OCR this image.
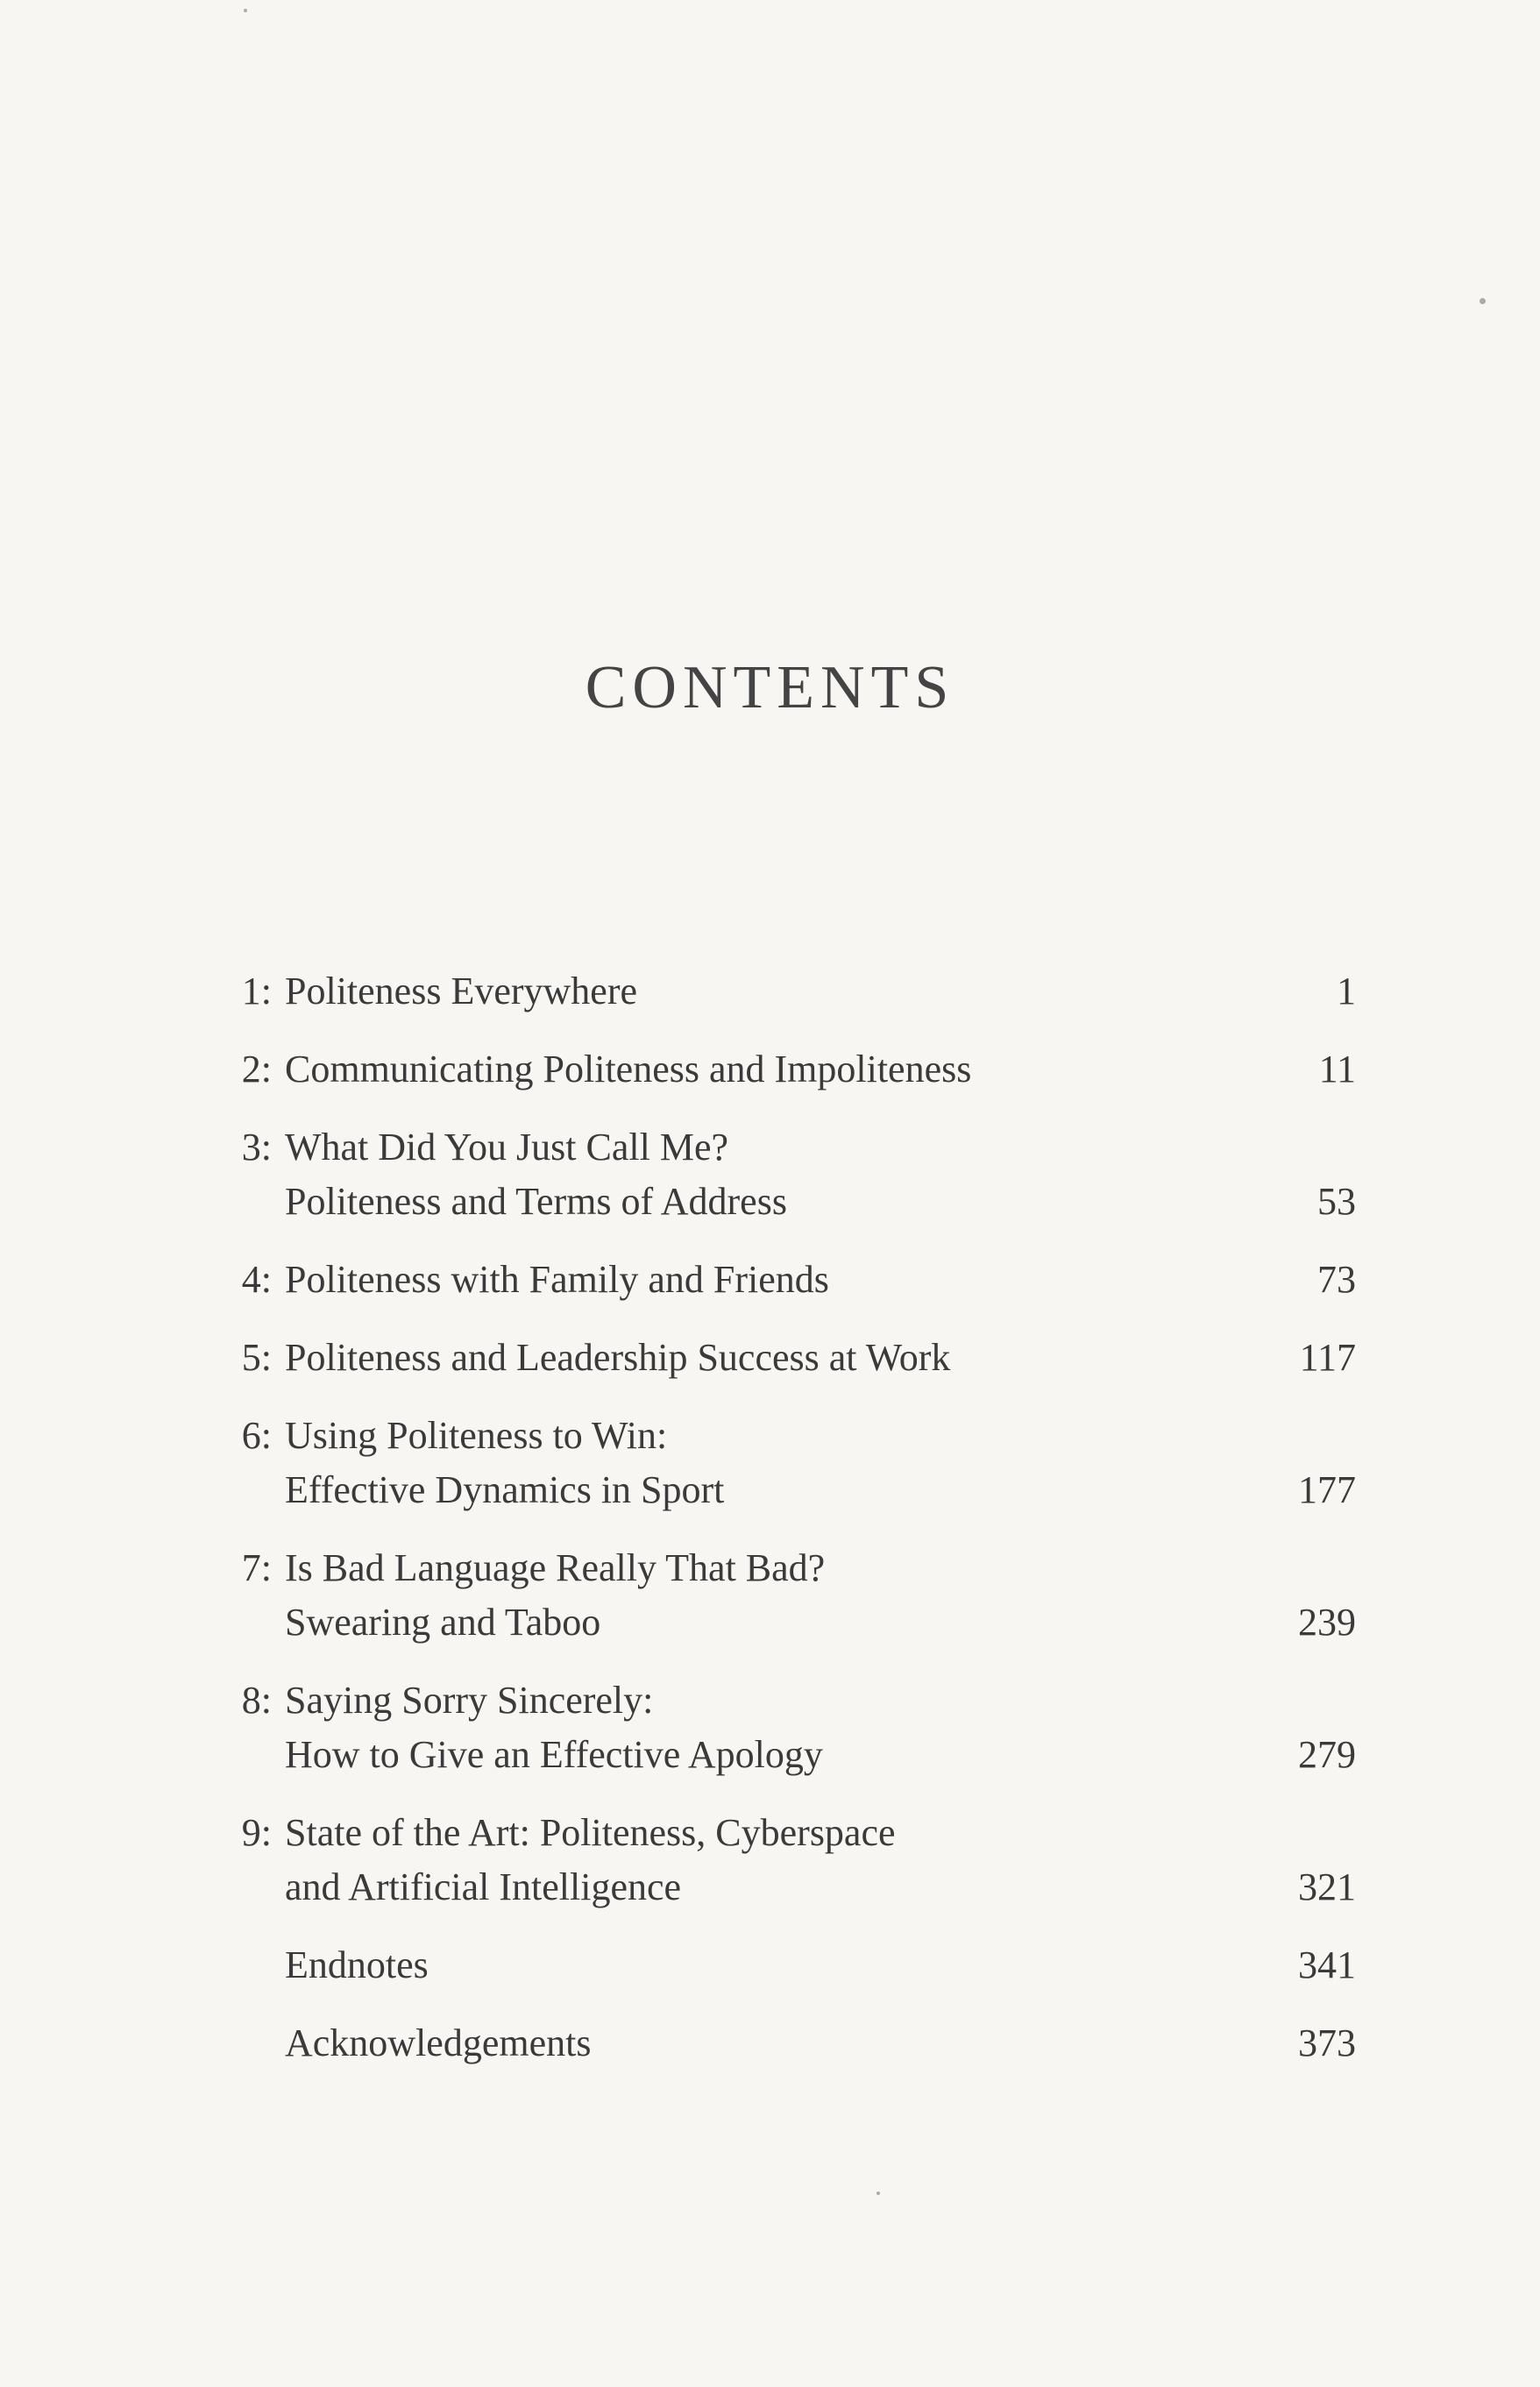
CONTENTS
1: Politeness Everywhere	1
2: Communicating Politeness and Impoliteness	11
3: What Did You Just Call Me?
Politeness and Terms of Address	53
4: Politeness with Family and Friends	73
5: Politeness and Leadership Success at Work	117
6: Using Politeness to Win:
Effective Dynamics in Sport	177
7: Is Bad Language Really That Bad?
Swearing and Taboo	239
8: Saying Sorry Sincerely:
How to Give an Effective Apology	279
9: State of the Art: Politeness, Cyberspace
and Artificial Intelligence	321
Endnotes	341
Acknowledgements	373
